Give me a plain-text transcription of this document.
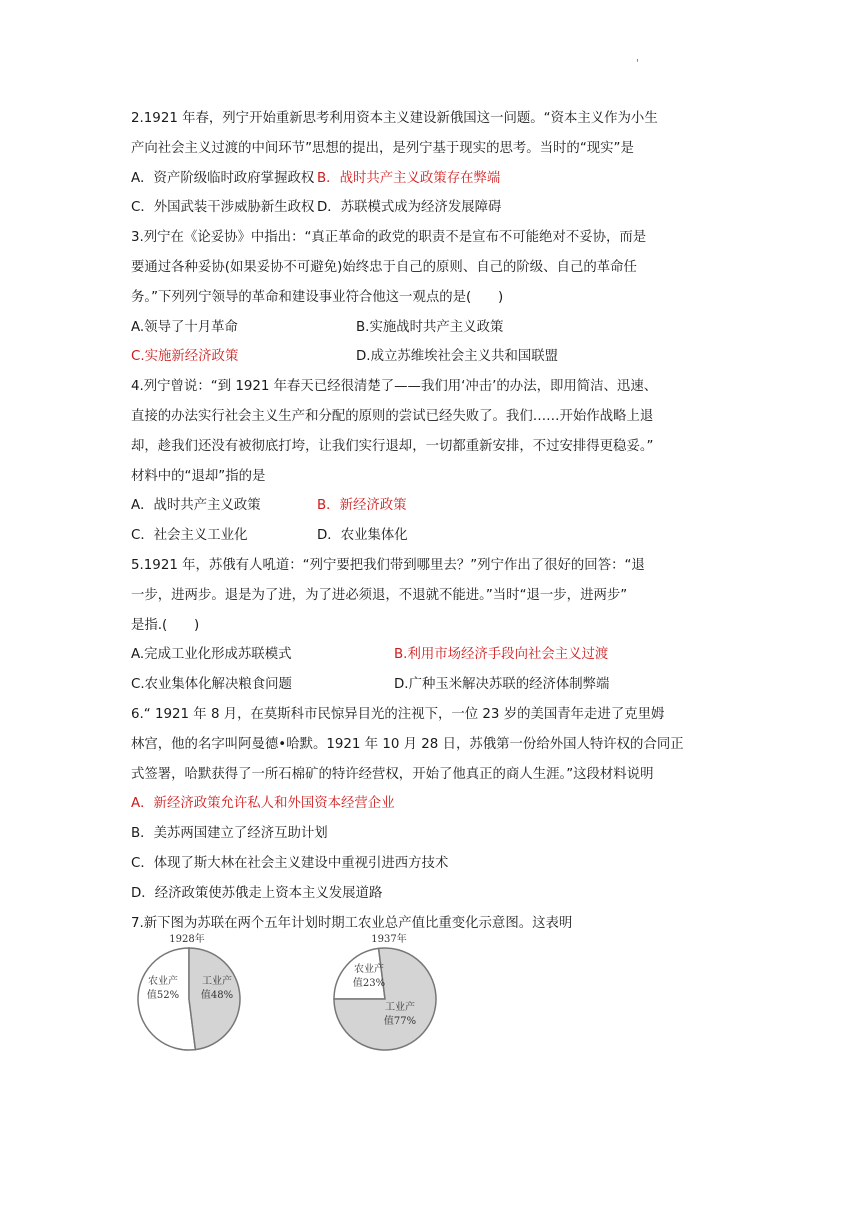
'
2.1921 年春，列宁开始重新思考利用资本主义建设新俄国这一问题。“资本主义作为小生
产向社会主义过渡的中间环节”思想的提出，是列宁基于现实的思考。当时的“现实”是
A．资产阶级临时政府掌握政权 B．战时共产主义政策存在弊端
C．外国武装干涉威胁新生政权 D．苏联模式成为经济发展障碍
3.列宁在《论妥协》中指出：“真正革命的政党的职责不是宣布不可能绝对不妥协，而是
要通过各种妥协(如果妥协不可避免)始终忠于自己的原则、自己的阶级、自己的革命任
务。”下列列宁领导的革命和建设事业符合他这一观点的是(　　)
A.领导了十月革命	B.实施战时共产主义政策
C.实施新经济政策	D.成立苏维埃社会主义共和国联盟
4.列宁曾说：“到 1921 年春天已经很清楚了——我们用‘冲击’的办法，即用简洁、迅速、
直接的办法实行社会主义生产和分配的原则的尝试已经失败了。我们……开始作战略上退
却，趁我们还没有被彻底打垮，让我们实行退却，一切都重新安排，不过安排得更稳妥。”
材料中的“退却”指的是
A．战时共产主义政策	B．新经济政策
C．社会主义工业化	D．农业集体化
5.1921 年，苏俄有人吼道：“列宁要把我们带到哪里去？”列宁作出了很好的回答：“退
一步，进两步。退是为了进，为了进必须退，不退就不能进。”当时“退一步，进两步”
是指.(　　)
A.完成工业化形成苏联模式	B.利用市场经济手段向社会主义过渡
C.农业集体化解决粮食问题	D.广种玉米解决苏联的经济体制弊端
6.“ 1921 年 8 月，在莫斯科市民惊异目光的注视下，一位 23 岁的美国青年走进了克里姆
林宫，他的名字叫阿曼德•哈默。1921 年 10 月 28 日，苏俄第一份给外国人特许权的合同正
式签署，哈默获得了一所石棉矿的特许经营权，开始了他真正的商人生涯。”这段材料说明
A．新经济政策允许私人和外国资本经营企业
B．美苏两国建立了经济互助计划
C．体现了斯大林在社会主义建设中重视引进西方技术
D．经济政策使苏俄走上资本主义发展道路
7.新下图为苏联在两个五年计划时期工农业总产值比重变化示意图。这表明
1928年
农业产
值52%
工业产
值48%
1937年
农业产
值23%
工业产
值77%
